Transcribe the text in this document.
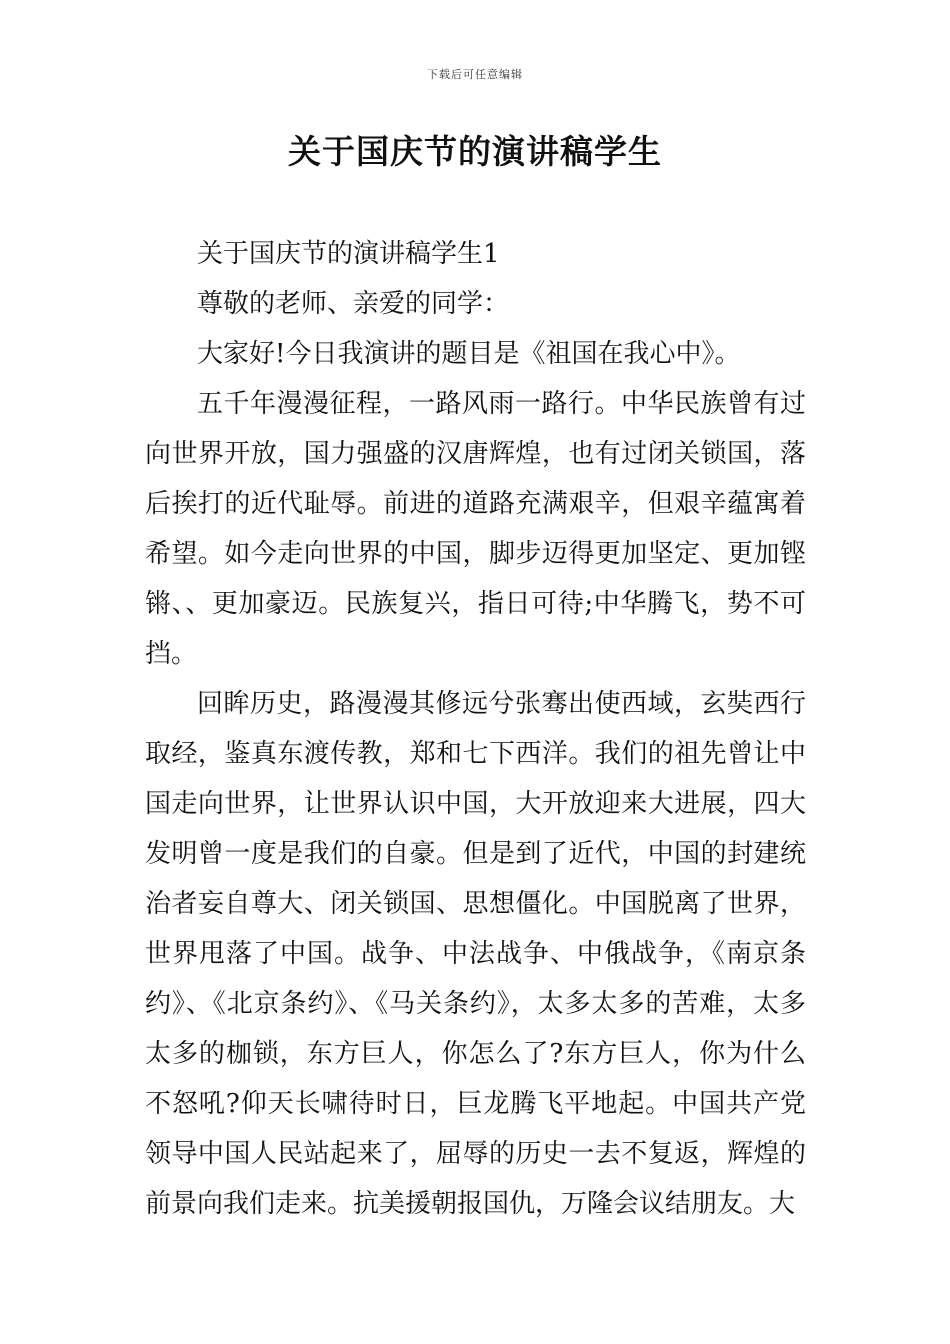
下载后可任意编辑
关于国庆节的演讲稿学生

关于国庆节的演讲稿学生1

尊敬的老师、亲爱的同学：

大家好!今日我演讲的题目是《祖国在我心中》。

五千年漫漫征程，一路风雨一路行。中华民族曾有过向世界开放，国力强盛的汉唐辉煌，也有过闭关锁国，落后挨打的近代耻辱。前进的道路充满艰辛，但艰辛蕴寓着希望。如今走向世界的中国，脚步迈得更加坚定、更加铿锵、、更加豪迈。民族复兴，指日可待;中华腾飞，势不可挡。

回眸历史，路漫漫其修远兮张骞出使西域，玄奘西行取经，鉴真东渡传教，郑和七下西洋。我们的祖先曾让中国走向世界，让世界认识中国，大开放迎来大进展，四大发明曾一度是我们的自豪。但是到了近代，中国的封建统治者妄自尊大、闭关锁国、思想僵化。中国脱离了世界，世界甩落了中国。战争、中法战争、中俄战争，《南京条约》、《北京条约》、《马关条约》，太多太多的苦难，太多太多的枷锁，东方巨人，你怎么了?东方巨人，你为什么不怒吼?仰天长啸待时日，巨龙腾飞平地起。中国共产党领导中国人民站起来了，屈辱的历史一去不复返，辉煌的前景向我们走来。抗美援朝报国仇，万隆会议结朋友。大
